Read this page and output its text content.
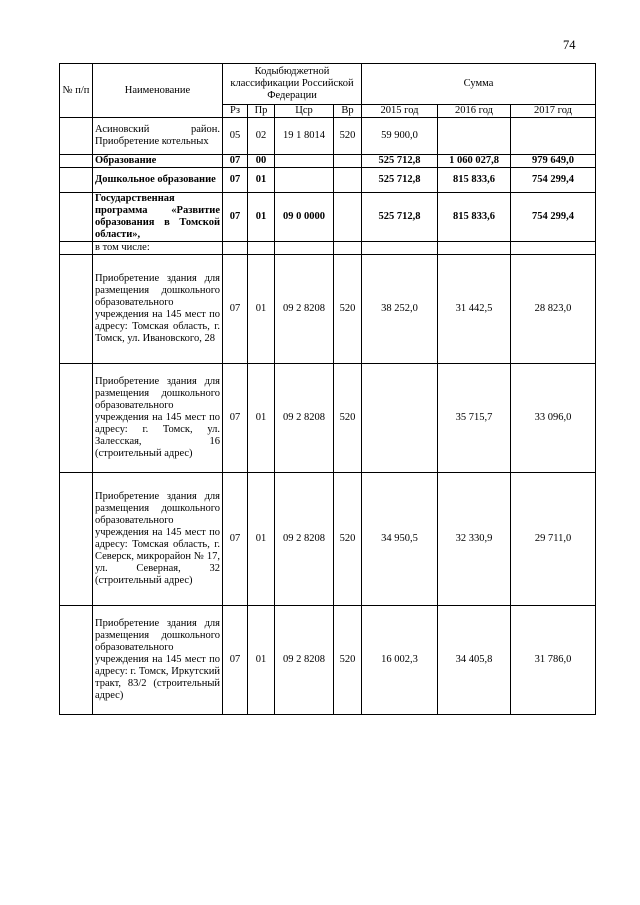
74
№ п/п	Наименование	Кодыбюджетной классификации Российской Федерации				Сумма		
		Рз	Пр	Цср	Вр	2015 год	2016 год	2017 год
	Асиновский район. Приобретение котельных	05	02	19 1 8014	520	59 900,0		
	Образование	07	00			525 712,8	1 060 027,8	979 649,0
	Дошкольное образование	07	01			525 712,8	815 833,6	754 299,4
	Государственная программа «Развитие образования в Томской области»,	07	01	09 0 0000		525 712,8	815 833,6	754 299,4
	в том числе:							
	Приобретение здания для размещения дошкольного образовательного учреждения на 145 мест по адресу: Томская область, г. Томск, ул. Ивановского, 28	07	01	09 2 8208	520	38 252,0	31 442,5	28 823,0
	Приобретение здания для размещения дошкольного образовательного учреждения на 145 мест по адресу: г. Томск, ул. Залесская, 16 (строительный адрес)	07	01	09 2 8208	520		35 715,7	33 096,0
	Приобретение здания для размещения дошкольного образовательного учреждения на 145 мест по адресу: Томская область, г. Северск, микрорайон № 17, ул. Северная, 32 (строительный адрес)	07	01	09 2 8208	520	34 950,5	32 330,9	29 711,0
	Приобретение здания для размещения дошкольного образовательного учреждения на 145 мест по адресу: г. Томск, Иркутский тракт, 83/2 (строительный адрес)	07	01	09 2 8208	520	16 002,3	34 405,8	31 786,0
